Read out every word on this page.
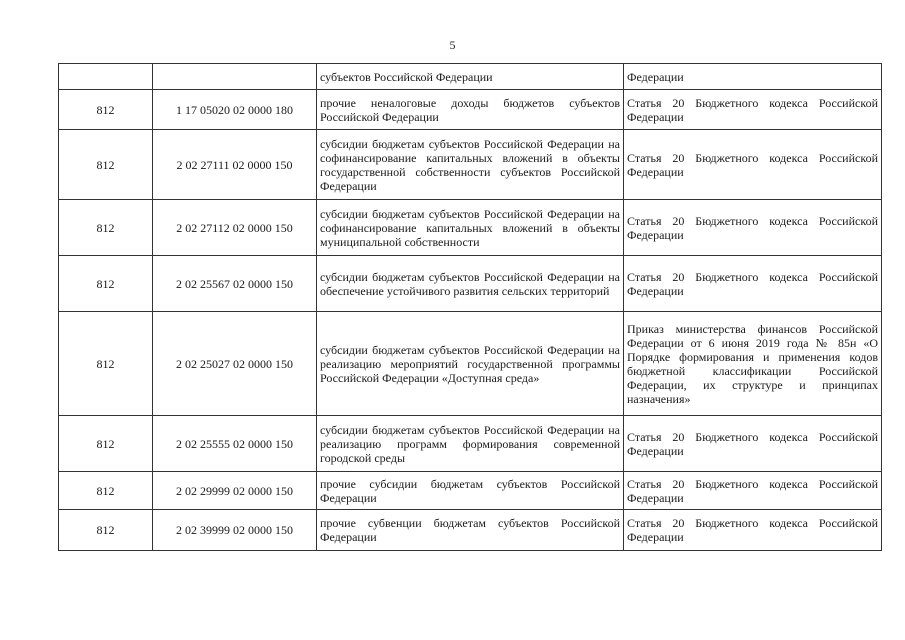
5
		субъектов Российской Федерации	Федерации
812	1 17 05020 02 0000 180	прочие неналоговые доходы бюджетов субъектов Российской Федерации	Статья 20 Бюджетного кодекса Российской Федерации
812	2 02 27111 02 0000 150	субсидии бюджетам субъектов Российской Федерации на софинансирование капитальных вложений в объекты государственной собственности субъектов Российской Федерации	Статья 20 Бюджетного кодекса Российской Федерации
812	2 02 27112 02 0000 150	субсидии бюджетам субъектов Российской Федерации на софинансирование капитальных вложений в объекты муниципальной собственности	Статья 20 Бюджетного кодекса Российской Федерации
812	2 02 25567 02 0000 150	субсидии бюджетам субъектов Российской Федерации на обеспечение устойчивого развития сельских территорий	Статья 20 Бюджетного кодекса Российской Федерации
812	2 02 25027 02 0000 150	субсидии бюджетам субъектов Российской Федерации на реализацию мероприятий государственной программы Российской Федерации «Доступная среда»	Приказ министерства финансов Российской Федерации от 6 июня 2019 года № 85н «О Порядке формирования и применения кодов бюджетной классификации Российской Федерации, их структуре и принципах назначения»
812	2 02 25555 02 0000 150	субсидии бюджетам субъектов Российской Федерации на реализацию программ формирования современной городской среды	Статья 20 Бюджетного кодекса Российской Федерации
812	2 02 29999 02 0000 150	прочие субсидии бюджетам субъектов Российской Федерации	Статья 20 Бюджетного кодекса Российской Федерации
812	2 02 39999 02 0000 150	прочие субвенции бюджетам субъектов Российской Федерации	Статья 20 Бюджетного кодекса Российской Федерации
